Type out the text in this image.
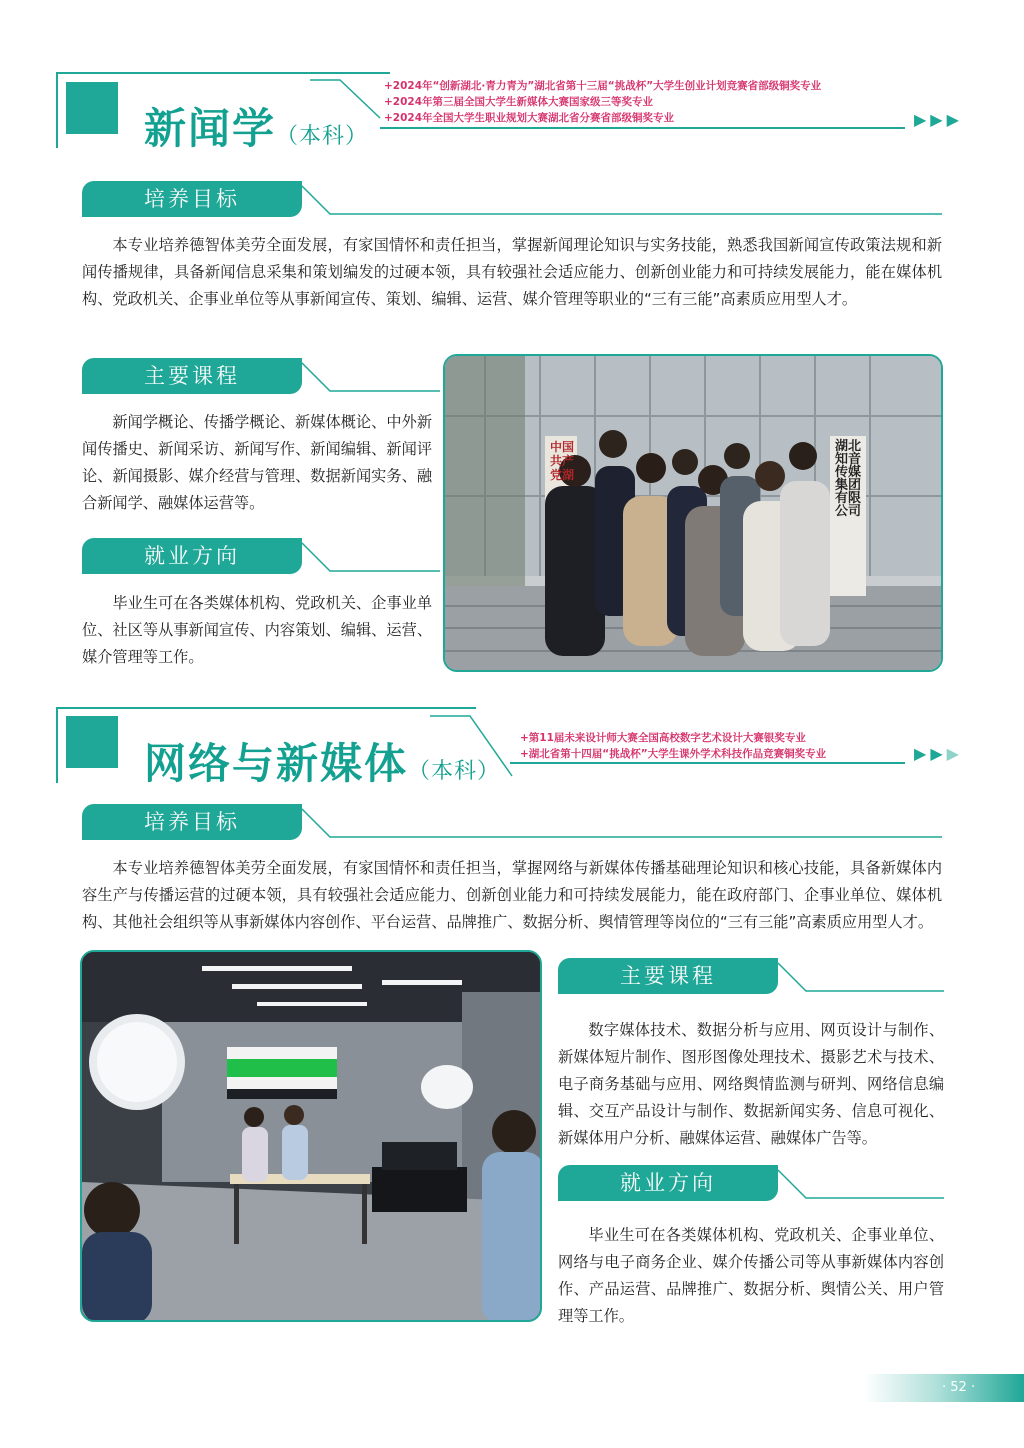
新闻学（本科）
+2024年“创新湖北·青力青为”湖北省第十三届“挑战杯”大学生创业计划竞赛省部级铜奖专业
+2024年第三届全国大学生新媒体大赛国家级三等奖专业
+2024年全国大学生职业规划大赛湖北省分赛省部级铜奖专业	▶▶▶
培养目标
本专业培养德智体美劳全面发展，有家国情怀和责任担当，掌握新闻理论知识与实务技能，熟悉我国新闻宣传政策法规和新闻传播规律，具备新闻信息采集和策划编发的过硬本领，具有较强社会适应能力、创新创业能力和可持续发展能力，能在媒体机构、党政机关、企事业单位等从事新闻宣传、策划、编辑、运营、媒介管理等职业的“三有三能”高素质应用型人才。
主要课程
新闻学概论、传播学概论、新媒体概论、中外新闻传播史、新闻采访、新闻写作、新闻编辑、新闻评论、新闻摄影、媒介经营与管理、数据新闻实务、融合新闻学、融媒体运营等。
就业方向
毕业生可在各类媒体机构、党政机关、企事业单位、社区等从事新闻宣传、内容策划、编辑、运营、媒介管理等工作。
中国共产党湖
湖北知音传媒集团有限公司
网络与新媒体（本科）
+第11届未来设计师大赛全国高校数字艺术设计大赛银奖专业
+湖北省第十四届“挑战杯”大学生课外学术科技作品竞赛铜奖专业	▶▶▶
培养目标
本专业培养德智体美劳全面发展，有家国情怀和责任担当，掌握网络与新媒体传播基础理论知识和核心技能，具备新媒体内容生产与传播运营的过硬本领，具有较强社会适应能力、创新创业能力和可持续发展能力，能在政府部门、企事业单位、媒体机构、其他社会组织等从事新媒体内容创作、平台运营、品牌推广、数据分析、舆情管理等岗位的“三有三能”高素质应用型人才。
主要课程
数字媒体技术、数据分析与应用、网页设计与制作、新媒体短片制作、图形图像处理技术、摄影艺术与技术、电子商务基础与应用、网络舆情监测与研判、网络信息编辑、交互产品设计与制作、数据新闻实务、信息可视化、新媒体用户分析、融媒体运营、融媒体广告等。
就业方向
毕业生可在各类媒体机构、党政机关、企事业单位、网络与电子商务企业、媒介传播公司等从事新媒体内容创作、产品运营、品牌推广、数据分析、舆情公关、用户管理等工作。
· 52 ·
